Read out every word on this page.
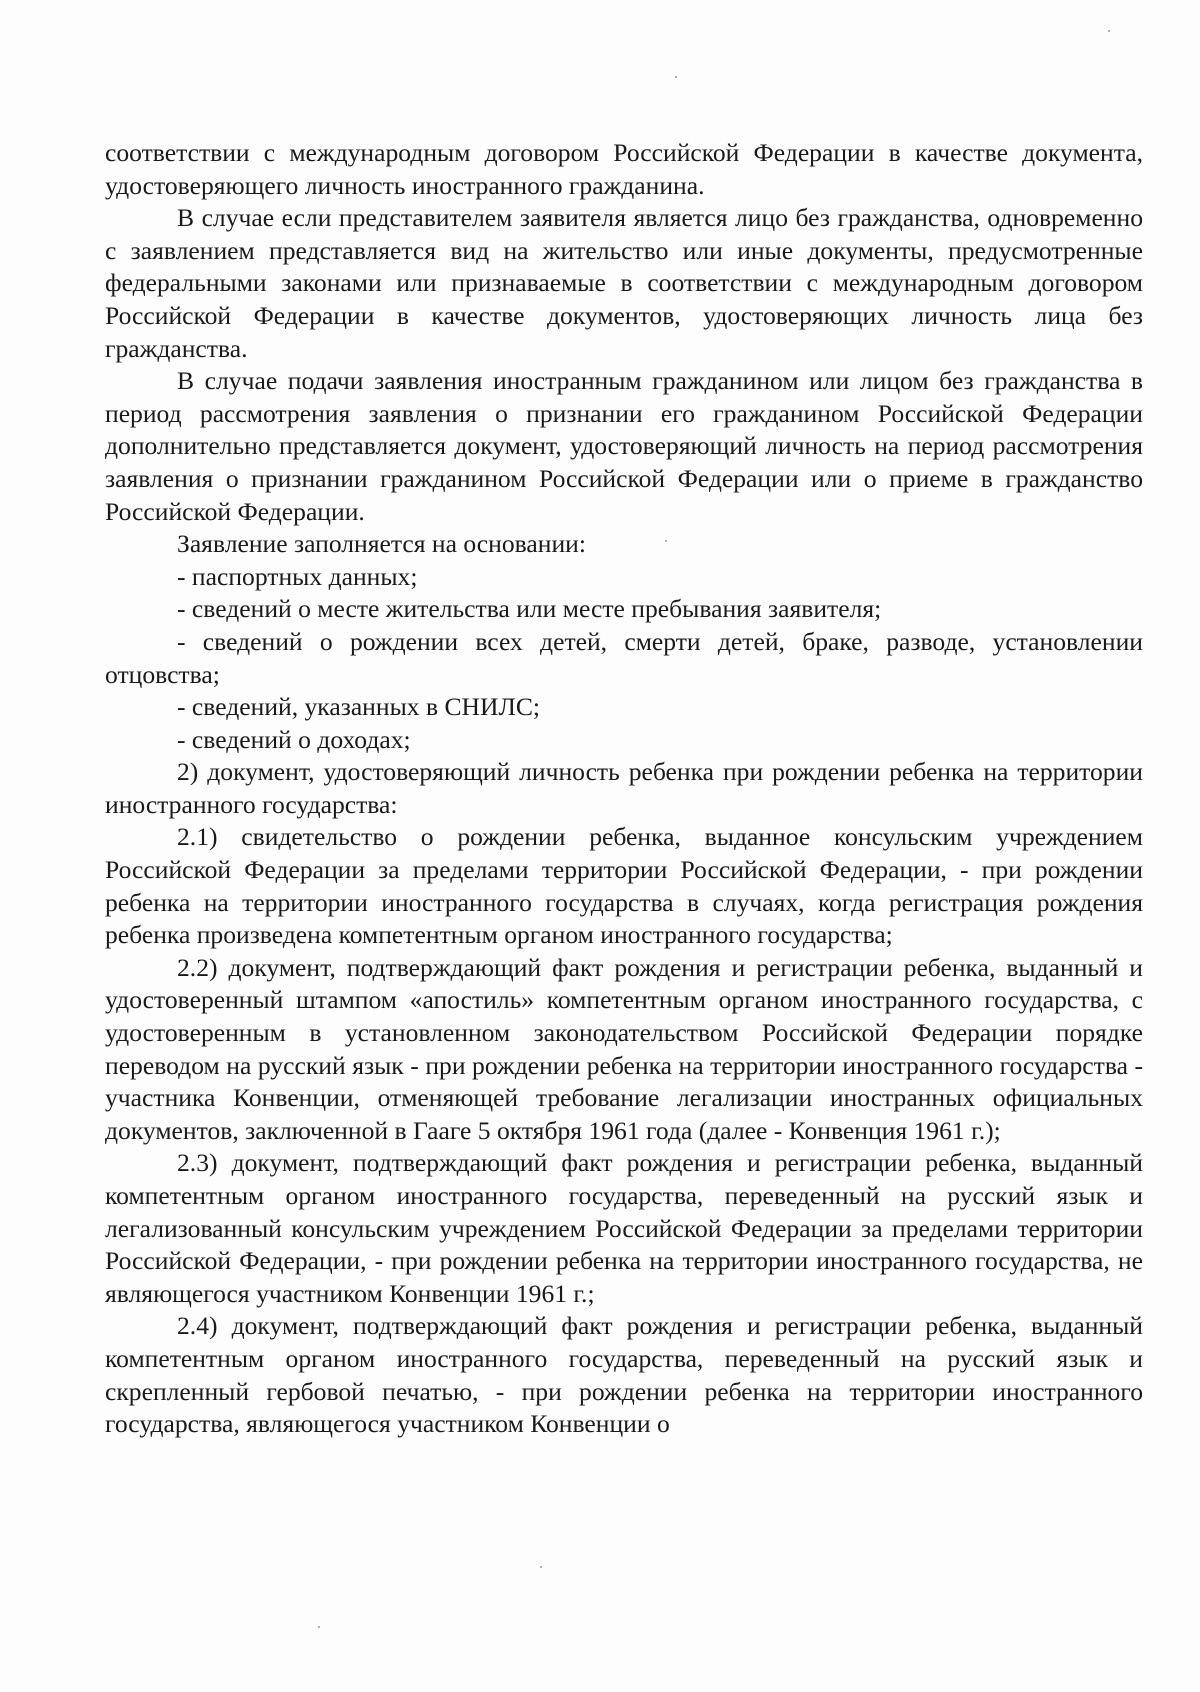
соответствии с международным договором Российской Федерации в качестве документа, удостоверяющего личность иностранного гражданина.

В случае если представителем заявителя является лицо без гражданства, одновременно с заявлением представляется вид на жительство или иные документы, предусмотренные федеральными законами или признаваемые в соответствии с международным договором Российской Федерации в качестве документов, удостоверяющих личность лица без гражданства.

В случае подачи заявления иностранным гражданином или лицом без гражданства в период рассмотрения заявления о признании его гражданином Российской Федерации дополнительно представляется документ, удостоверяющий личность на период рассмотрения заявления о признании гражданином Российской Федерации или о приеме в гражданство Российской Федерации.

Заявление заполняется на основании:

- паспортных данных;

- сведений о месте жительства или месте пребывания заявителя;

- сведений о рождении всех детей, смерти детей, браке, разводе, установлении отцовства;

- сведений, указанных в СНИЛС;

- сведений о доходах;

2) документ, удостоверяющий личность ребенка при рождении ребенка на территории иностранного государства:

2.1) свидетельство о рождении ребенка, выданное консульским учреждением Российской Федерации за пределами территории Российской Федерации, - при рождении ребенка на территории иностранного государства в случаях, когда регистрация рождения ребенка произведена компетентным органом иностранного государства;

2.2) документ, подтверждающий факт рождения и регистрации ребенка, выданный и удостоверенный штампом «апостиль» компетентным органом иностранного государства, с удостоверенным в установленном законодательством Российской Федерации порядке переводом на русский язык - при рождении ребенка на территории иностранного государства - участника Конвенции, отменяющей требование легализации иностранных официальных документов, заключенной в Гааге 5 октября 1961 года (далее - Конвенция 1961 г.);

2.3) документ, подтверждающий факт рождения и регистрации ребенка, выданный компетентным органом иностранного государства, переведенный на русский язык и легализованный консульским учреждением Российской Федерации за пределами территории Российской Федерации, - при рождении ребенка на территории иностранного государства, не являющегося участником Конвенции 1961 г.;

2.4) документ, подтверждающий факт рождения и регистрации ребенка, выданный компетентным органом иностранного государства, переведенный на русский язык и скрепленный гербовой печатью, - при рождении ребенка на территории иностранного государства, являющегося участником Конвенции о
